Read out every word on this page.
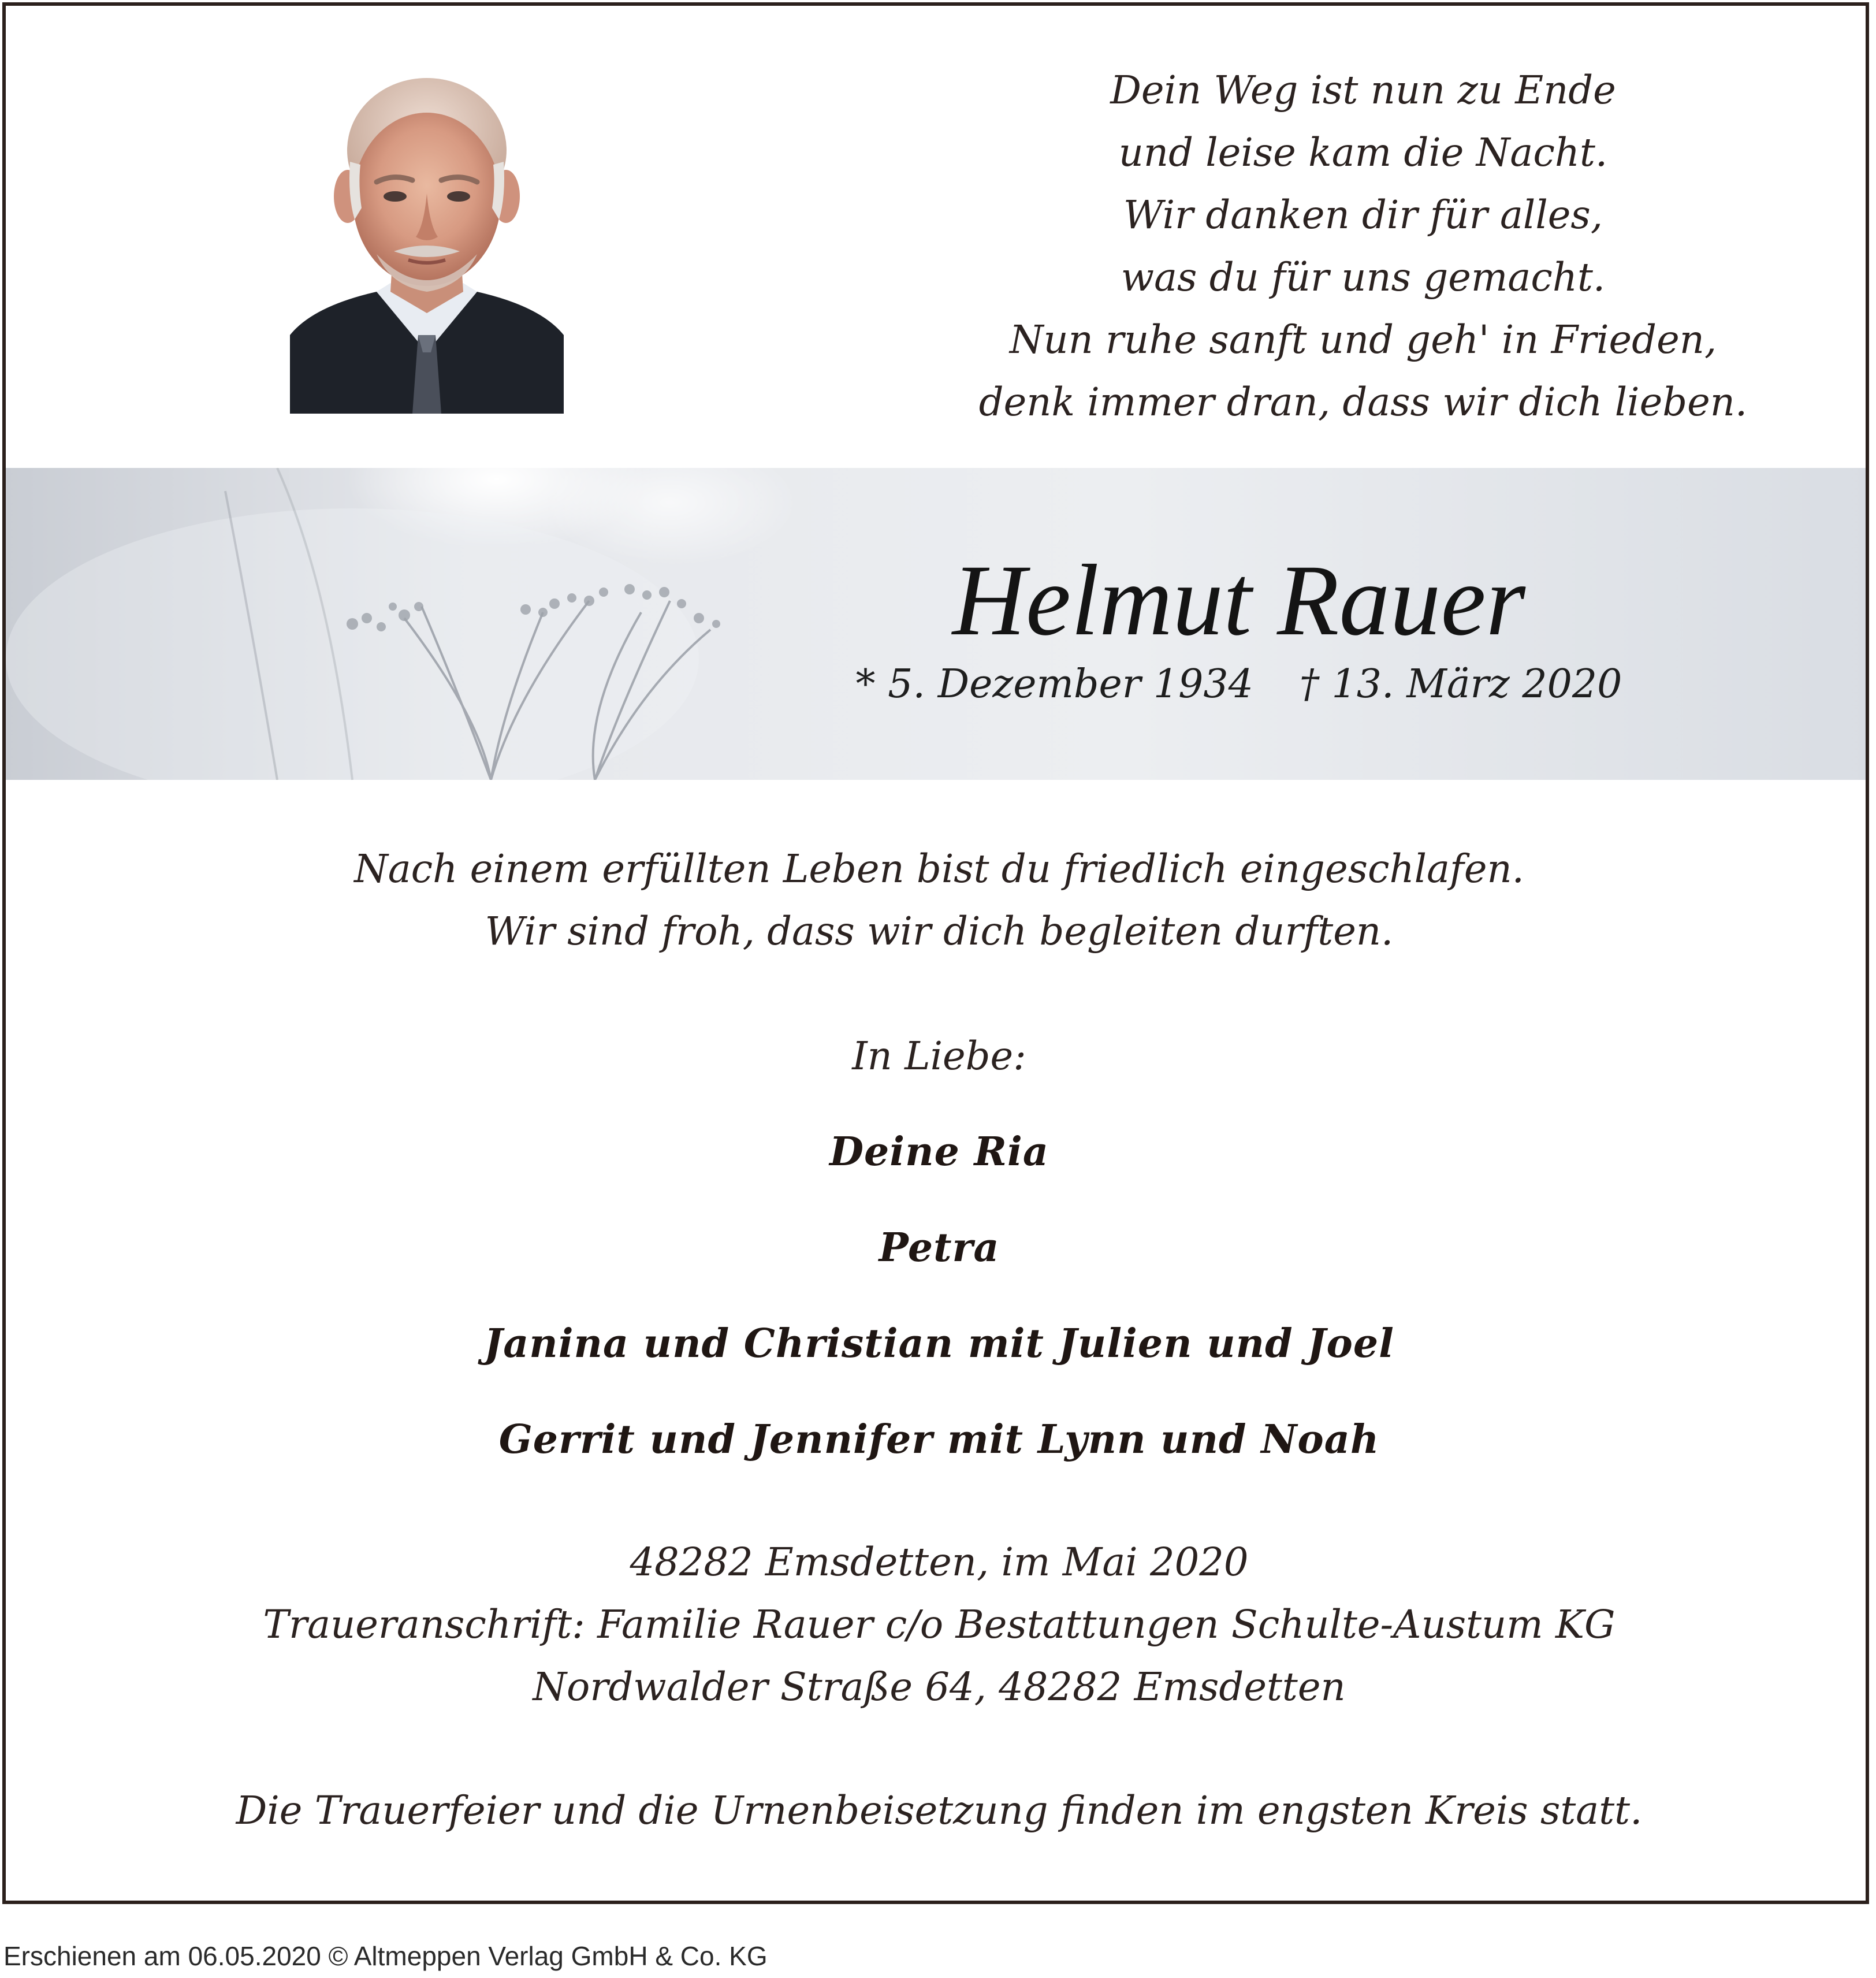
Dein Weg ist nun zu Ende
und leise kam die Nacht.
Wir danken dir für alles,
was du für uns gemacht.
Nun ruhe sanft und geh' in Frieden,
denk immer dran, dass wir dich lieben.
Helmut Rauer
* 5. Dezember 1934 † 13. März 2020
Nach einem erfüllten Leben bist du friedlich eingeschlafen.
Wir sind froh, dass wir dich begleiten durften.
In Liebe:
Deine Ria
Petra
Janina und Christian mit Julien und Joel
Gerrit und Jennifer mit Lynn und Noah
48282 Emsdetten, im Mai 2020
Traueranschrift: Familie Rauer c/o Bestattungen Schulte-Austum KG
Nordwalder Straße 64, 48282 Emsdetten
Die Trauerfeier und die Urnenbeisetzung finden im engsten Kreis statt.
Erschienen am 06.05.2020 © Altmeppen Verlag GmbH & Co. KG
